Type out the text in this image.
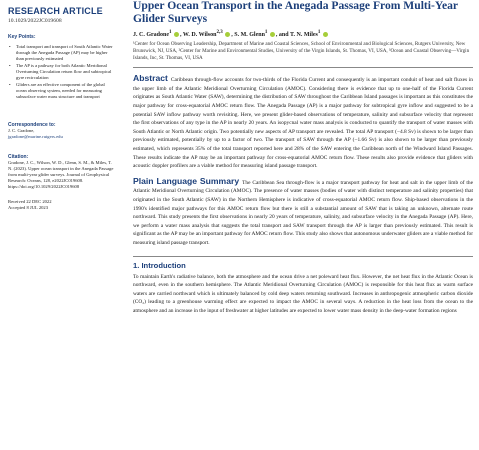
RESEARCH ARTICLE
10.1029/2022JC019608
Key Points:
• Total transport and transport of South Atlantic Water through the Anegada Passage (AP) may be higher than previously estimated
• The AP is a pathway for both Atlantic Meridional Overturning Circulation return flow and subtropical gyre recirculation
• Gliders are an effective component of the global ocean observing system, needed for measuring subsurface water mass structure and transport
Correspondence to:
J. C. Gradone,
jgradone@marine.rutgers.edu
Citation:
Gradone, J. C., Wilson, W. D., Glenn, S. M., & Miles, T. N. (2023). Upper ocean transport in the Anegada Passage from multi-year glider surveys. Journal of Geophysical Research: Oceans, 128, e2022JC019608. https://doi.org/10.1029/2022JC019608
Received 22 DEC 2022
Accepted 8 JUL 2023
Upper Ocean Transport in the Anegada Passage From Multi-Year Glider Surveys
J. C. Gradone$^1$ , W. D. Wilson$^{2,3}$ , S. M. Glenn$^1$ , and T. N. Miles$^1$
¹Center for Ocean Observing Leadership, Department of Marine and Coastal Sciences, School of Environmental and Biological Sciences, Rutgers University, New Brunswick, NJ, USA, ²Center for Marine and Environmental Studies, University of the Virgin Islands, St. Thomas, VI, USA, ³Ocean and Coastal Observing—Virgin Islands, Inc, St. Thomas, VI, USA
Abstract Caribbean through-flow accounts for two-thirds of the Florida Current and consequently is an important conduit of heat and salt fluxes in the upper limb of the Atlantic Meridional Overturning Circulation (AMOC). Considering there is evidence that up to one-half of the Florida Current originates as South Atlantic Water (SAW), determining the distribution of SAW throughout the Caribbean Island passages is important as this constitutes the major pathway for cross-equatorial AMOC return flow. The Anegada Passage (AP) is a major pathway for subtropical gyre inflow and suggested to be a potential SAW inflow pathway worth revisiting. Here, we present glider-based observations of temperature, salinity and subsurface velocity that represent the first observations of any type in the AP in nearly 20 years. An isopycnal water mass analysis is conducted to quantify the transport of water masses with South Atlantic or North Atlantic origin. Two potentially new aspects of AP transport are revealed. The total AP transport (−4.8 Sv) is shown to be larger than previously estimated, potentially by up to a factor of two. The transport of SAW through the AP (−1.66 Sv) is also shown to be larger than previously estimated, which represents 35% of the total transport reported here and 28% of the SAW entering the Caribbean north of the Windward Island Passages. These results indicate the AP may be an important pathway for cross-equatorial AMOC return flow. These results also provide evidence that gliders with acoustic doppler profilers are a viable method for measuring island passage transport.
Plain Language Summary The Caribbean Sea through-flow is a major transport pathway for heat and salt in the upper limb of the Atlantic Meridional Overturning Circulation (AMOC). The presence of water masses (bodies of water with distinct temperature and salinity properties) that originated in the South Atlantic (SAW) in the Northern Hemisphere is indicative of cross-equatorial AMOC return flow. Ship-based observations in the 1990's identified major pathways for this AMOC return flow but there is still a substantial amount of SAW that is taking an unknown, alternate route northward. This study presents the first observations in nearly 20 years of temperature, salinity, and subsurface velocity in the Anegada Passage (AP). Here, we perform a water mass analysis that suggests the total transport and SAW transport through the AP is larger than previously estimated. This result is significant as the AP may be an important pathway for AMOC return flow. This study also shows that autonomous underwater gliders are a viable method for measuring island passage transport.
1. Introduction
To maintain Earth's radiative balance, both the atmosphere and the ocean drive a net poleward heat flux. However, the net heat flux in the Atlantic Ocean is northward, even in the southern hemisphere. The Atlantic Meridional Overturning Circulation (AMOC) is responsible for this heat flux as warm surface waters are carried northward which is ultimately balanced by cold deep waters returning southward. Increases in anthropogenic atmospheric carbon dioxide (CO₂) leading to a greenhouse warming effect are expected to impact the AMOC in several ways. A reduction in the heat loss from the ocean to the atmosphere and an increase in the input of freshwater at higher latitudes are expected to lower water mass density in the deep-water formation regions
